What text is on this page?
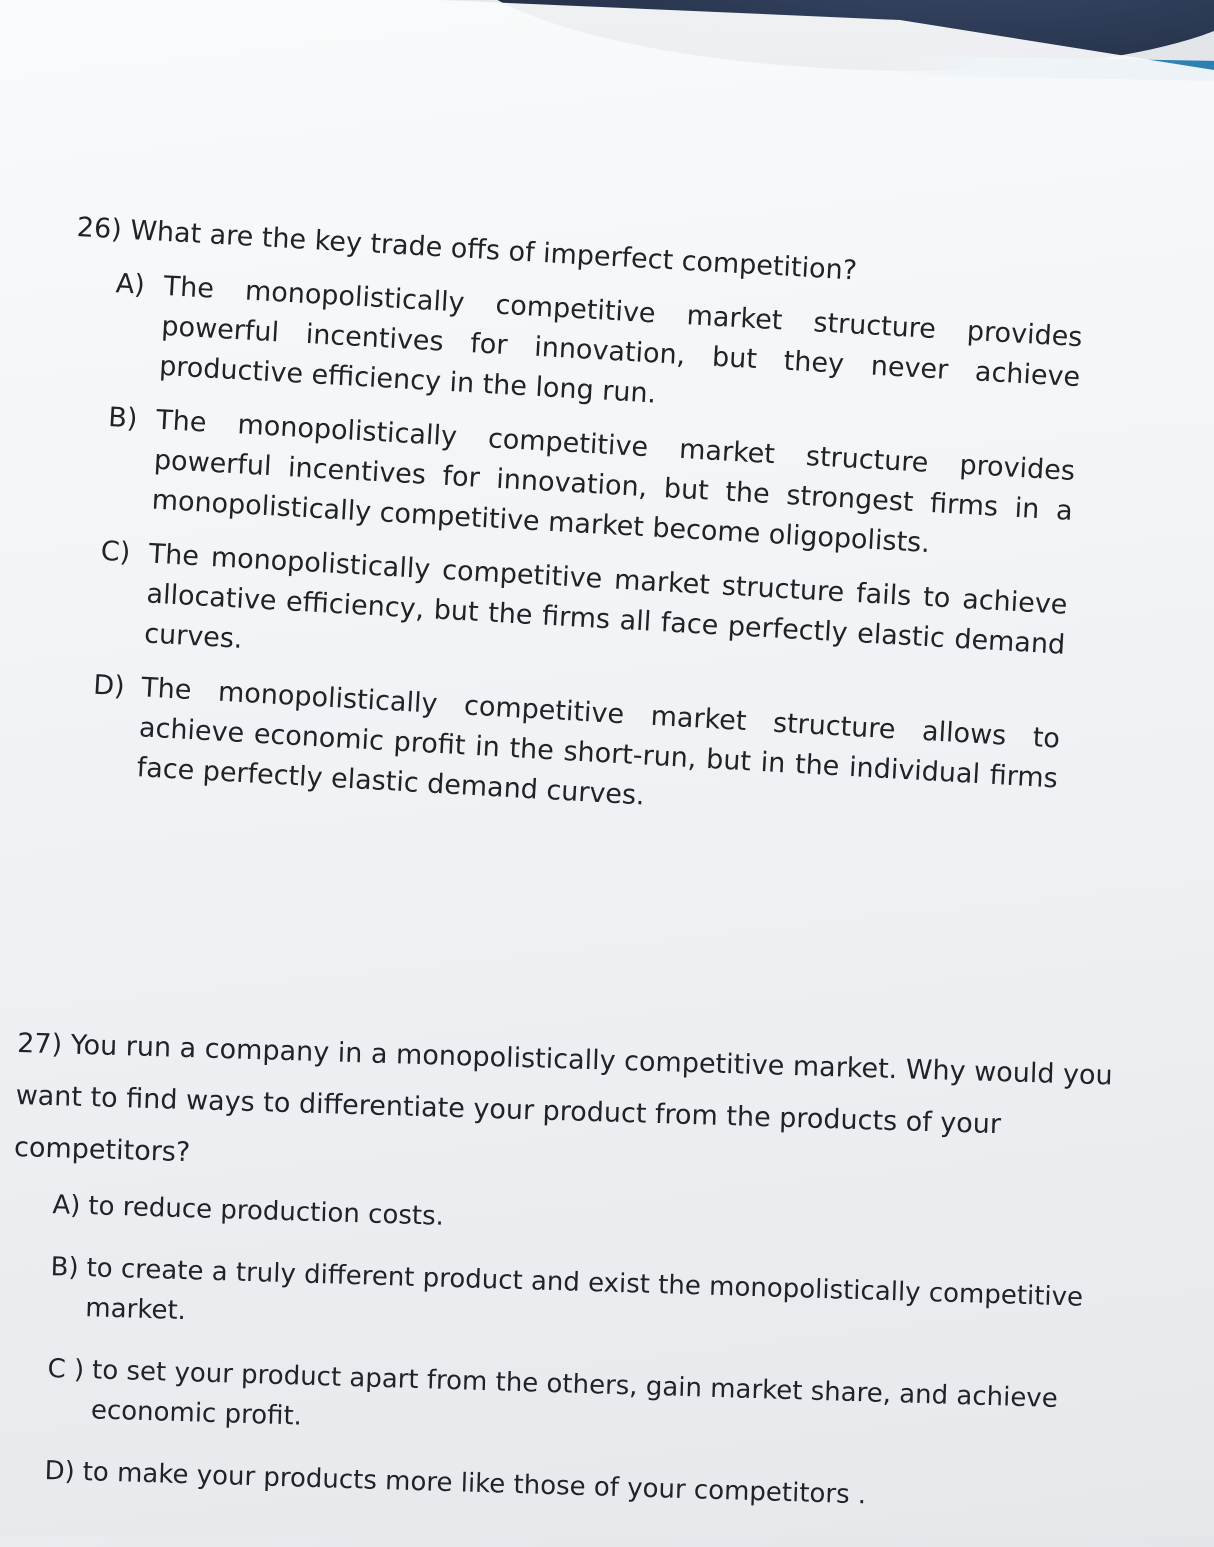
26) What are the key trade offs of imperfect competition?

A) The monopolistically competitive market structure provides powerful incentives for innovation, but they never achieve productive efficiency in the long run.
B) The monopolistically competitive market structure provides powerful incentives for innovation, but the strongest firms in a monopolistically competitive market become oligopolists.
C) The monopolistically competitive market structure fails to achieve allocative efficiency, but the firms all face perfectly elastic demand curves.
D) The monopolistically competitive market structure allows to achieve economic profit in the short-run, but in the individual firms face perfectly elastic demand curves.

27) You run a company in a monopolistically competitive market. Why would you want to find ways to differentiate your product from the products of your competitors?

A) to reduce production costs.
B) to create a truly different product and exist the monopolistically competitive market.
C ) to set your product apart from the others, gain market share, and achieve economic profit.
D) to make your products more like those of your competitors .
